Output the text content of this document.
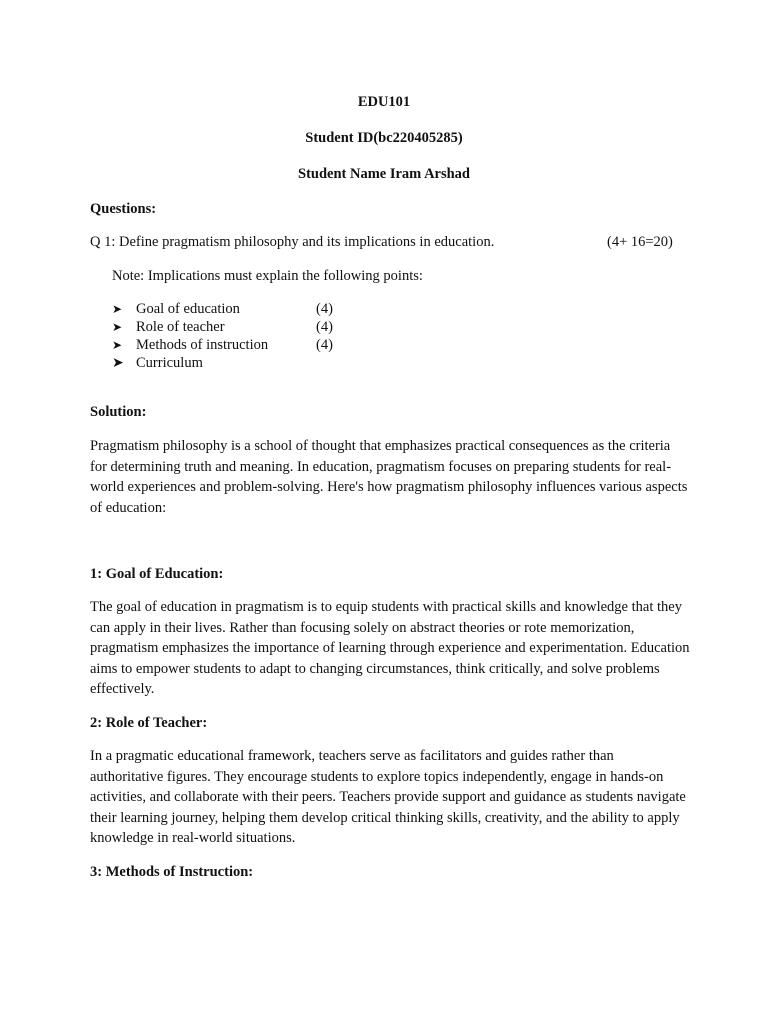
EDU101
Student ID(bc220405285)
Student Name Iram Arshad
Questions:
Q 1: Define pragmatism philosophy and its implications in education.	(4+ 16=20)
Note: Implications must explain the following points:
➤ Goal of education	(4)
➤ Role of teacher	(4)
➤ Methods of instruction	(4)
➤ Curriculum
Solution:
Pragmatism philosophy is a school of thought that emphasizes practical consequences as the criteria for determining truth and meaning. In education, pragmatism focuses on preparing students for real-world experiences and problem-solving. Here's how pragmatism philosophy influences various aspects of education:
1: Goal of Education:
The goal of education in pragmatism is to equip students with practical skills and knowledge that they can apply in their lives. Rather than focusing solely on abstract theories or rote memorization, pragmatism emphasizes the importance of learning through experience and experimentation. Education aims to empower students to adapt to changing circumstances, think critically, and solve problems effectively.
2: Role of Teacher:
In a pragmatic educational framework, teachers serve as facilitators and guides rather than authoritative figures. They encourage students to explore topics independently, engage in hands-on activities, and collaborate with their peers. Teachers provide support and guidance as students navigate their learning journey, helping them develop critical thinking skills, creativity, and the ability to apply knowledge in real-world situations.
3: Methods of Instruction:
